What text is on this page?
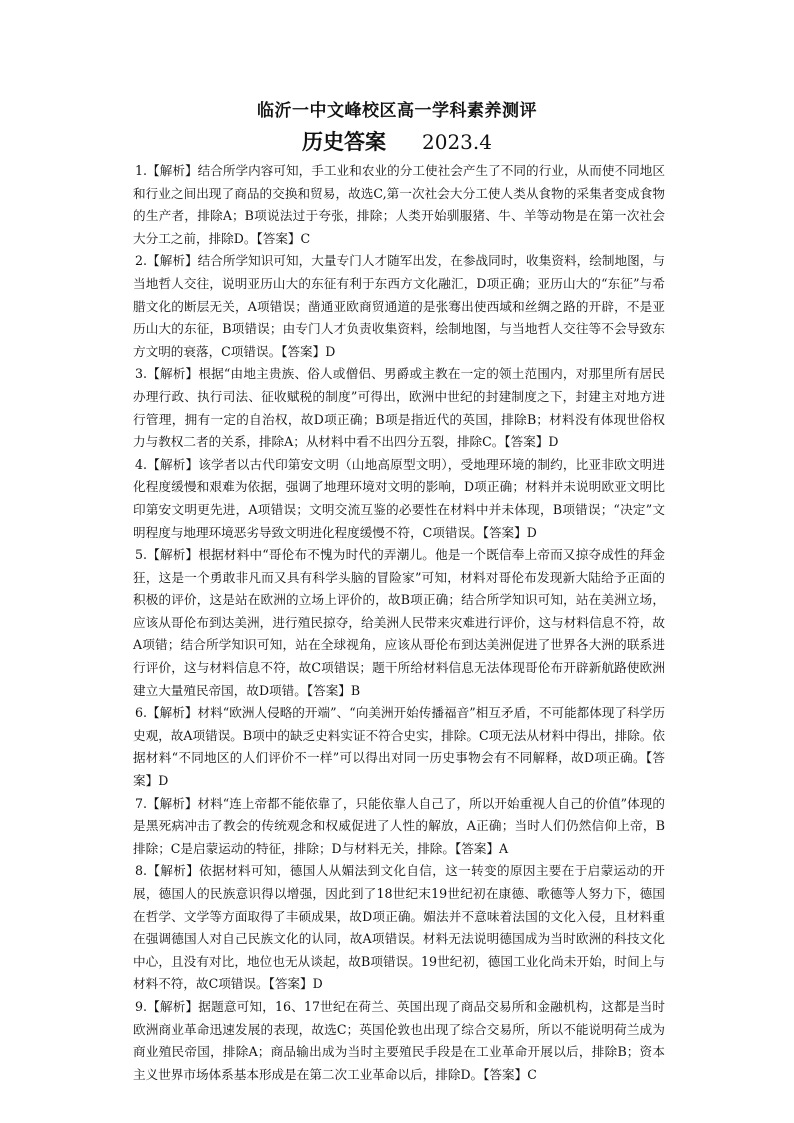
临沂一中文峰校区高一学科素养测评
历史答案 2023.4

1.【解析】结合所学内容可知，手工业和农业的分工使社会产生了不同的行业，从而使不同地区和行业之间出现了商品的交换和贸易，故选C,第一次社会大分工使人类从食物的采集者变成食物的生产者，排除A；B项说法过于夸张，排除；人类开始驯服猪、牛、羊等动物是在第一次社会大分工之前，排除D。【答案】C

2.【解析】结合所学知识可知，大量专门人才随军出发，在参战同时，收集资料，绘制地图，与当地哲人交往，说明亚历山大的东征有利于东西方文化融汇，D项正确；亚历山大的“东征”与希腊文化的断层无关，A项错误；凿通亚欧商贸通道的是张骞出使西域和丝绸之路的开辟，不是亚历山大的东征，B项错误；由专门人才负责收集资料，绘制地图，与当地哲人交往等不会导致东方文明的衰落，C项错误。【答案】D

3.【解析】根据“由地主贵族、俗人或僧侣、男爵或主教在一定的领土范围内，对那里所有居民办理行政、执行司法、征收赋税的制度”可得出，欧洲中世纪的封建制度之下，封建主对地方进行管理，拥有一定的自治权，故D项正确；B项是指近代的英国，排除B；材料没有体现世俗权力与教权二者的关系，排除A；从材料中看不出四分五裂，排除C。【答案】D

4.【解析】该学者以古代印第安文明（山地高原型文明），受地理环境的制约，比亚非欧文明进化程度缓慢和艰难为依据，强调了地理环境对文明的影响，D项正确；材料并未说明欧亚文明比印第安文明更先进，A项错误；文明交流互鉴的必要性在材料中并未体现，B项错误；“决定”文明程度与地理环境恶劣导致文明进化程度缓慢不符，C项错误。【答案】D

5.【解析】根据材料中“哥伦布不愧为时代的弄潮儿。他是一个既信奉上帝而又掠夺成性的拜金狂，这是一个勇敢非凡而又具有科学头脑的冒险家”可知，材料对哥伦布发现新大陆给予正面的积极的评价，这是站在欧洲的立场上评价的，故B项正确；结合所学知识可知，站在美洲立场，应该从哥伦布到达美洲，进行殖民掠夺，给美洲人民带来灾难进行评价，这与材料信息不符，故A项错；结合所学知识可知，站在全球视角，应该从哥伦布到达美洲促进了世界各大洲的联系进行评价，这与材料信息不符，故C项错误；题干所给材料信息无法体现哥伦布开辟新航路使欧洲建立大量殖民帝国，故D项错。【答案】B

6.【解析】材料“欧洲人侵略的开端”、“向美洲开始传播福音”相互矛盾，不可能都体现了科学历史观，故A项错误。B项中的缺乏史料实证不符合史实，排除。C项无法从材料中得出，排除。依据材料“不同地区的人们评价不一样”可以得出对同一历史事物会有不同解释，故D项正确。【答案】D

7.【解析】材料“连上帝都不能依靠了，只能依靠人自己了，所以开始重视人自己的价值”体现的是黑死病冲击了教会的传统观念和权威促进了人性的解放，A正确；当时人们仍然信仰上帝，B排除；C是启蒙运动的特征，排除；D与材料无关，排除。【答案】A

8.【解析】依据材料可知，德国人从媚法到文化自信，这一转变的原因主要在于启蒙运动的开展，德国人的民族意识得以增强，因此到了18世纪末19世纪初在康德、歌德等人努力下，德国在哲学、文学等方面取得了丰硕成果，故D项正确。媚法并不意味着法国的文化入侵，且材料重在强调德国人对自己民族文化的认同，故A项错误。材料无法说明德国成为当时欧洲的科技文化中心，且没有对比，地位也无从谈起，故B项错误。19世纪初，德国工业化尚未开始，时间上与材料不符，故C项错误。【答案】D

9.【解析】据题意可知，16、17世纪在荷兰、英国出现了商品交易所和金融机构，这都是当时欧洲商业革命迅速发展的表现，故选C；英国伦敦也出现了综合交易所，所以不能说明荷兰成为商业殖民帝国，排除A；商品输出成为当时主要殖民手段是在工业革命开展以后，排除B；资本主义世界市场体系基本形成是在第二次工业革命以后，排除D。【答案】C
